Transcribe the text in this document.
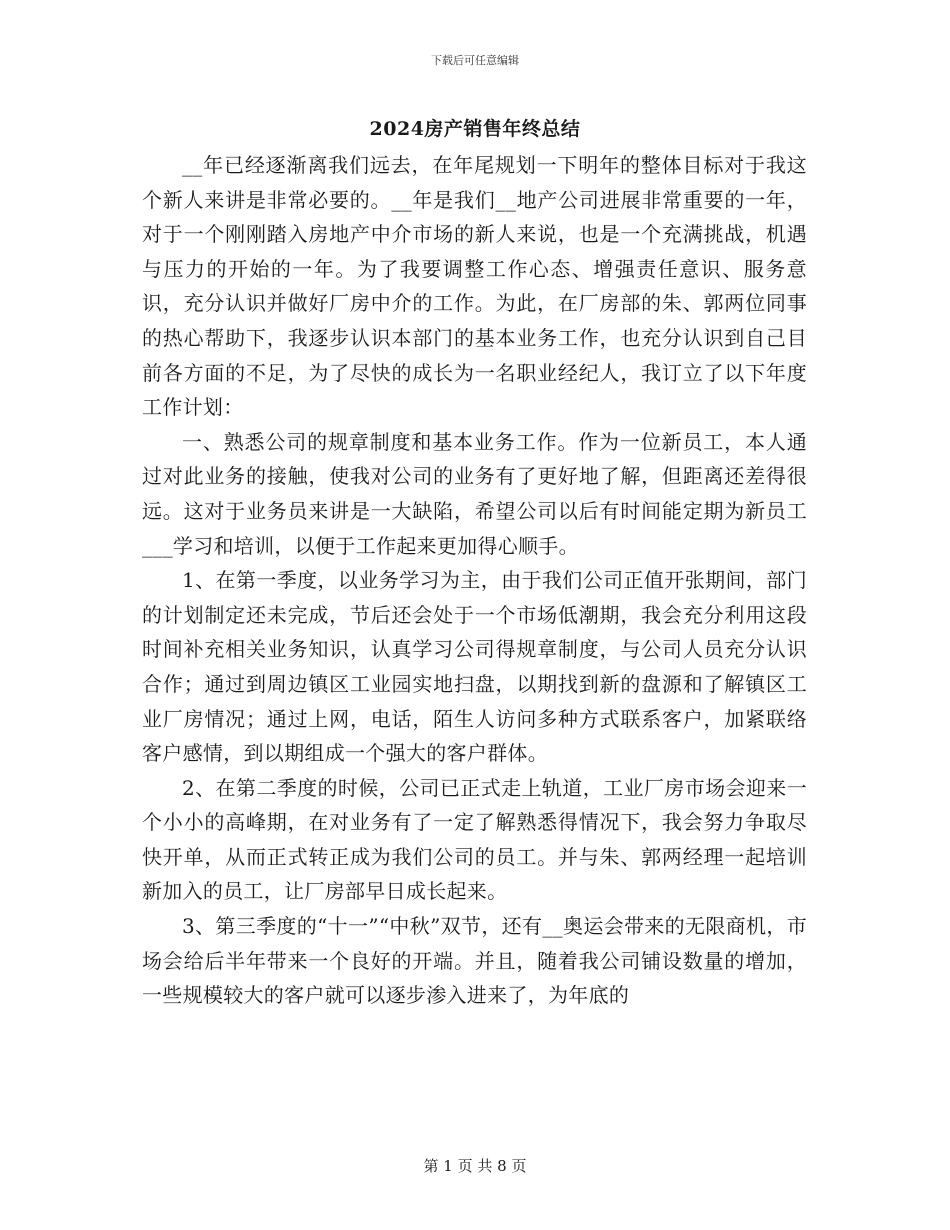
下载后可任意编辑
2024房产销售年终总结

__年已经逐渐离我们远去，在年尾规划一下明年的整体目标对于我这个新人来讲是非常必要的。__年是我们__地产公司进展非常重要的一年，对于一个刚刚踏入房地产中介市场的新人来说，也是一个充满挑战，机遇与压力的开始的一年。为了我要调整工作心态、增强责任意识、服务意识，充分认识并做好厂房中介的工作。为此，在厂房部的朱、郭两位同事的热心帮助下，我逐步认识本部门的基本业务工作，也充分认识到自己目前各方面的不足，为了尽快的成长为一名职业经纪人，我订立了以下年度工作计划：

一、熟悉公司的规章制度和基本业务工作。作为一位新员工，本人通过对此业务的接触，使我对公司的业务有了更好地了解，但距离还差得很远。这对于业务员来讲是一大缺陷，希望公司以后有时间能定期为新员工___学习和培训，以便于工作起来更加得心顺手。

1、在第一季度，以业务学习为主，由于我们公司正值开张期间，部门的计划制定还未完成，节后还会处于一个市场低潮期，我会充分利用这段时间补充相关业务知识，认真学习公司得规章制度，与公司人员充分认识合作；通过到周边镇区工业园实地扫盘，以期找到新的盘源和了解镇区工业厂房情况；通过上网，电话，陌生人访问多种方式联系客户，加紧联络客户感情，到以期组成一个强大的客户群体。

2、在第二季度的时候，公司已正式走上轨道，工业厂房市场会迎来一个小小的高峰期，在对业务有了一定了解熟悉得情况下，我会努力争取尽快开单，从而正式转正成为我们公司的员工。并与朱、郭两经理一起培训新加入的员工，让厂房部早日成长起来。

3、第三季度的“十一”“中秋”双节，还有__奥运会带来的无限商机，市场会给后半年带来一个良好的开端。并且，随着我公司铺设数量的增加，一些规模较大的客户就可以逐步渗入进来了，为年底的

第 1 页 共 8 页
